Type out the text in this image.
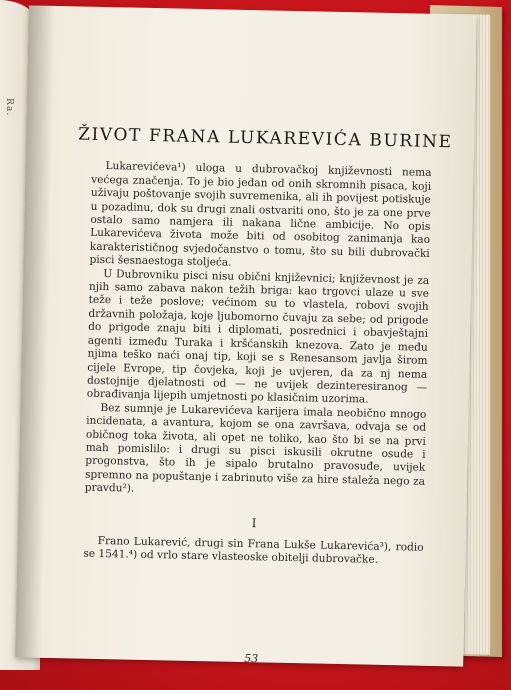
Ra.
ŽIVOT FRANA LUKAREVIĆA BURINE

Lukarevićeva¹) uloga u dubrovačkoj književnosti nema većega značenja. To je bio jedan od onih skromnih pisaca, koji uživaju poštovanje svojih suvremenika, ali ih povijest potiskuje u pozadinu, dok su drugi znali ostvariti ono, što je za one prve ostalo samo namjera ili nakana lične ambicije. No opis Lukarevićeva života može biti od osobitog zanimanja kao karakterističnog svjedočanstvo o tomu, što su bili dubrovački pisci šesnaestoga stoljeća.

U Dubrovniku pisci nisu obični književnici; književnost je za njih samo zabava nakon težih briga: kao trgovci ulaze u sve teže i teže poslove; većinom su to vlastela, robovi svojih državnih položaja, koje ljubomorno čuvaju za sebe; od prigode do prigode znaju biti i diplomati, posrednici i obavještajni agenti između Turaka i kršćanskih knezova. Zato je među njima teško naći onaj tip, koji se s Renesansom javlja širom cijele Evrope, tip čovjeka, koji je uvjeren, da za nj nema dostojnije djelatnosti od — ne uvijek dezinteresiranog — obrađivanja lijepih umjetnosti po klasičnim uzorima.

Bez sumnje je Lukarevićeva karijera imala neobično mnogo incidenata, a avantura, kojom se ona završava, odvaja se od običnog toka života, ali opet ne toliko, kao što bi se na prvi mah pomislilo: i drugi su pisci iskusili okrutne osude i progonstva, što ih je sipalo brutalno pravosuđe, uvijek spremno na popuštanje i zabrinuto više za hire staleža nego za pravdu²).

I

Frano Lukarević, drugi sin Frana Lukše Lukarevića³), rodio se 1541.⁴) od vrlo stare vlasteoske obitelji dubrovačke.

53
